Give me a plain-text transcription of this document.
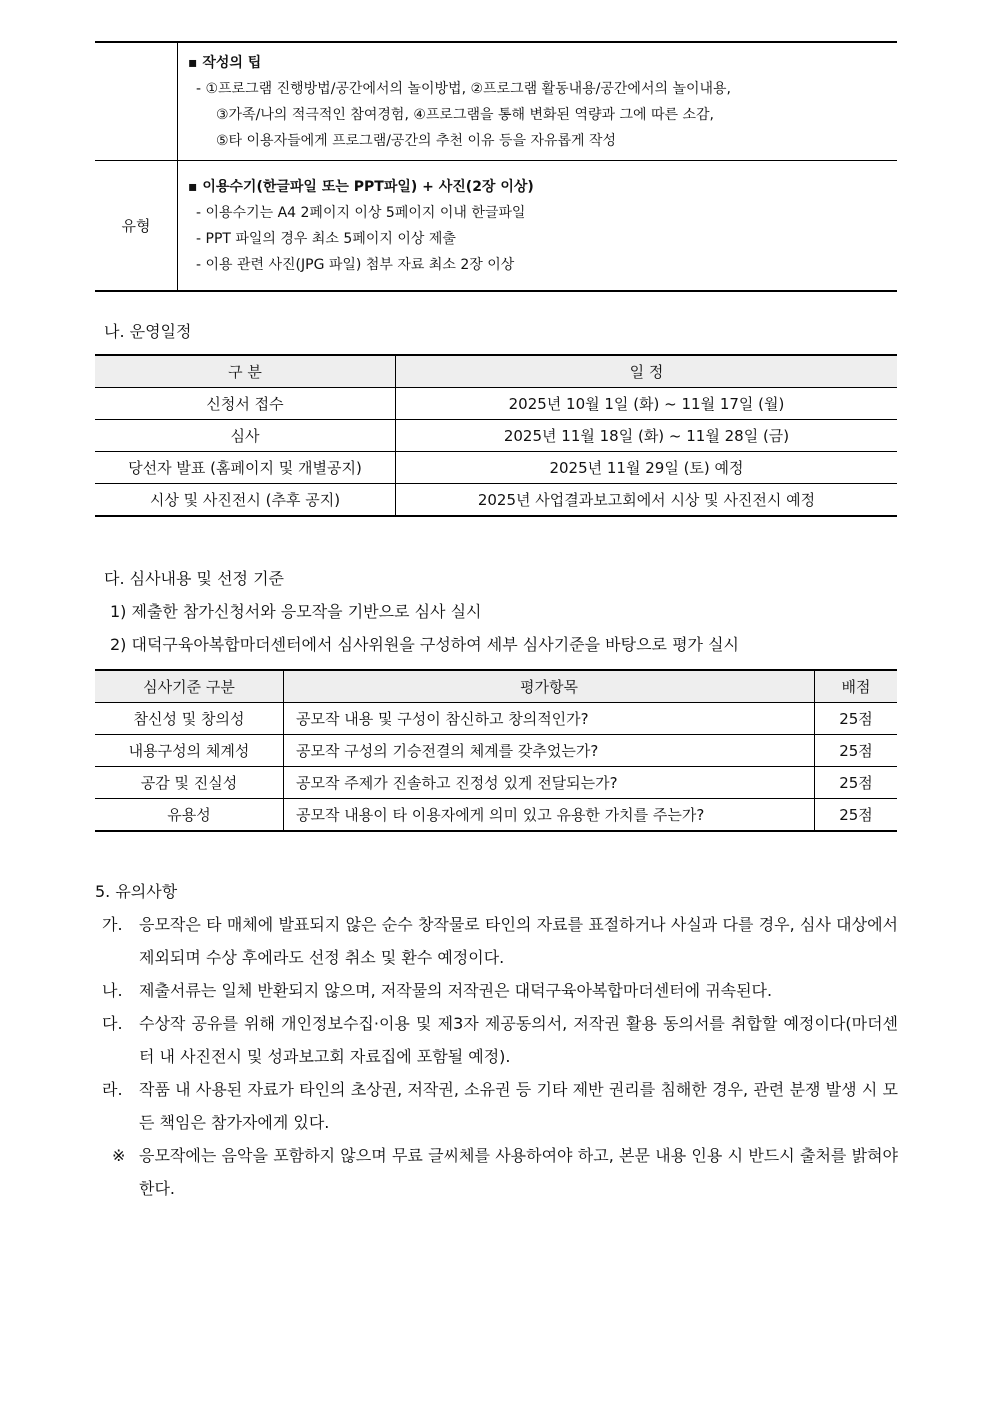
	▪ 작성의 팁
- ①프로그램 진행방법/공간에서의 놀이방법, ②프로그램 활동내용/공간에서의 놀이내용,
③가족/나의 적극적인 참여경험, ④프로그램을 통해 변화된 역량과 그에 따른 소감,
⑤타 이용자들에게 프로그램/공간의 추천 이유 등을 자유롭게 작성

유형	▪ 이용수기(한글파일 또는 PPT파일) + 사진(2장 이상)
- 이용수기는 A4 2페이지 이상 5페이지 이내 한글파일
- PPT 파일의 경우 최소 5페이지 이상 제출
- 이용 관련 사진(JPG 파일) 첨부 자료 최소 2장 이상
나. 운영일정
구 분	일 정
신청서 접수	2025년 10월 1일 (화) ~ 11월 17일 (월)
심사	2025년 11월 18일 (화) ~ 11월 28일 (금)
당선자 발표 (홈페이지 및 개별공지)	2025년 11월 29일 (토) 예정
시상 및 사진전시 (추후 공지)	2025년 사업결과보고회에서 시상 및 사진전시 예정
다. 심사내용 및 선정 기준
1) 제출한 참가신청서와 응모작을 기반으로 심사 실시
2) 대덕구육아복합마더센터에서 심사위원을 구성하여 세부 심사기준을 바탕으로 평가 실시
심사기준 구분	평가항목	배점
참신성 및 창의성	공모작 내용 및 구성이 참신하고 창의적인가?	25점
내용구성의 체계성	공모작 구성의 기승전결의 체계를 갖추었는가?	25점
공감 및 진실성	공모작 주제가 진솔하고 진정성 있게 전달되는가?	25점
유용성	공모작 내용이 타 이용자에게 의미 있고 유용한 가치를 주는가?	25점
5. 유의사항
가. 응모작은 타 매체에 발표되지 않은 순수 창작물로 타인의 자료를 표절하거나 사실과 다를 경우, 심사 대상에서 제외되며 수상 후에라도 선정 취소 및 환수 예정이다.
나. 제출서류는 일체 반환되지 않으며, 저작물의 저작권은 대덕구육아복합마더센터에 귀속된다.
다. 수상작 공유를 위해 개인정보수집·이용 및 제3자 제공동의서, 저작권 활용 동의서를 취합할 예정이다(마더센터 내 사진전시 및 성과보고회 자료집에 포함될 예정).
라. 작품 내 사용된 자료가 타인의 초상권, 저작권, 소유권 등 기타 제반 권리를 침해한 경우, 관련 분쟁 발생 시 모든 책임은 참가자에게 있다.
※ 응모작에는 음악을 포함하지 않으며 무료 글씨체를 사용하여야 하고, 본문 내용 인용 시 반드시 출처를 밝혀야 한다.
